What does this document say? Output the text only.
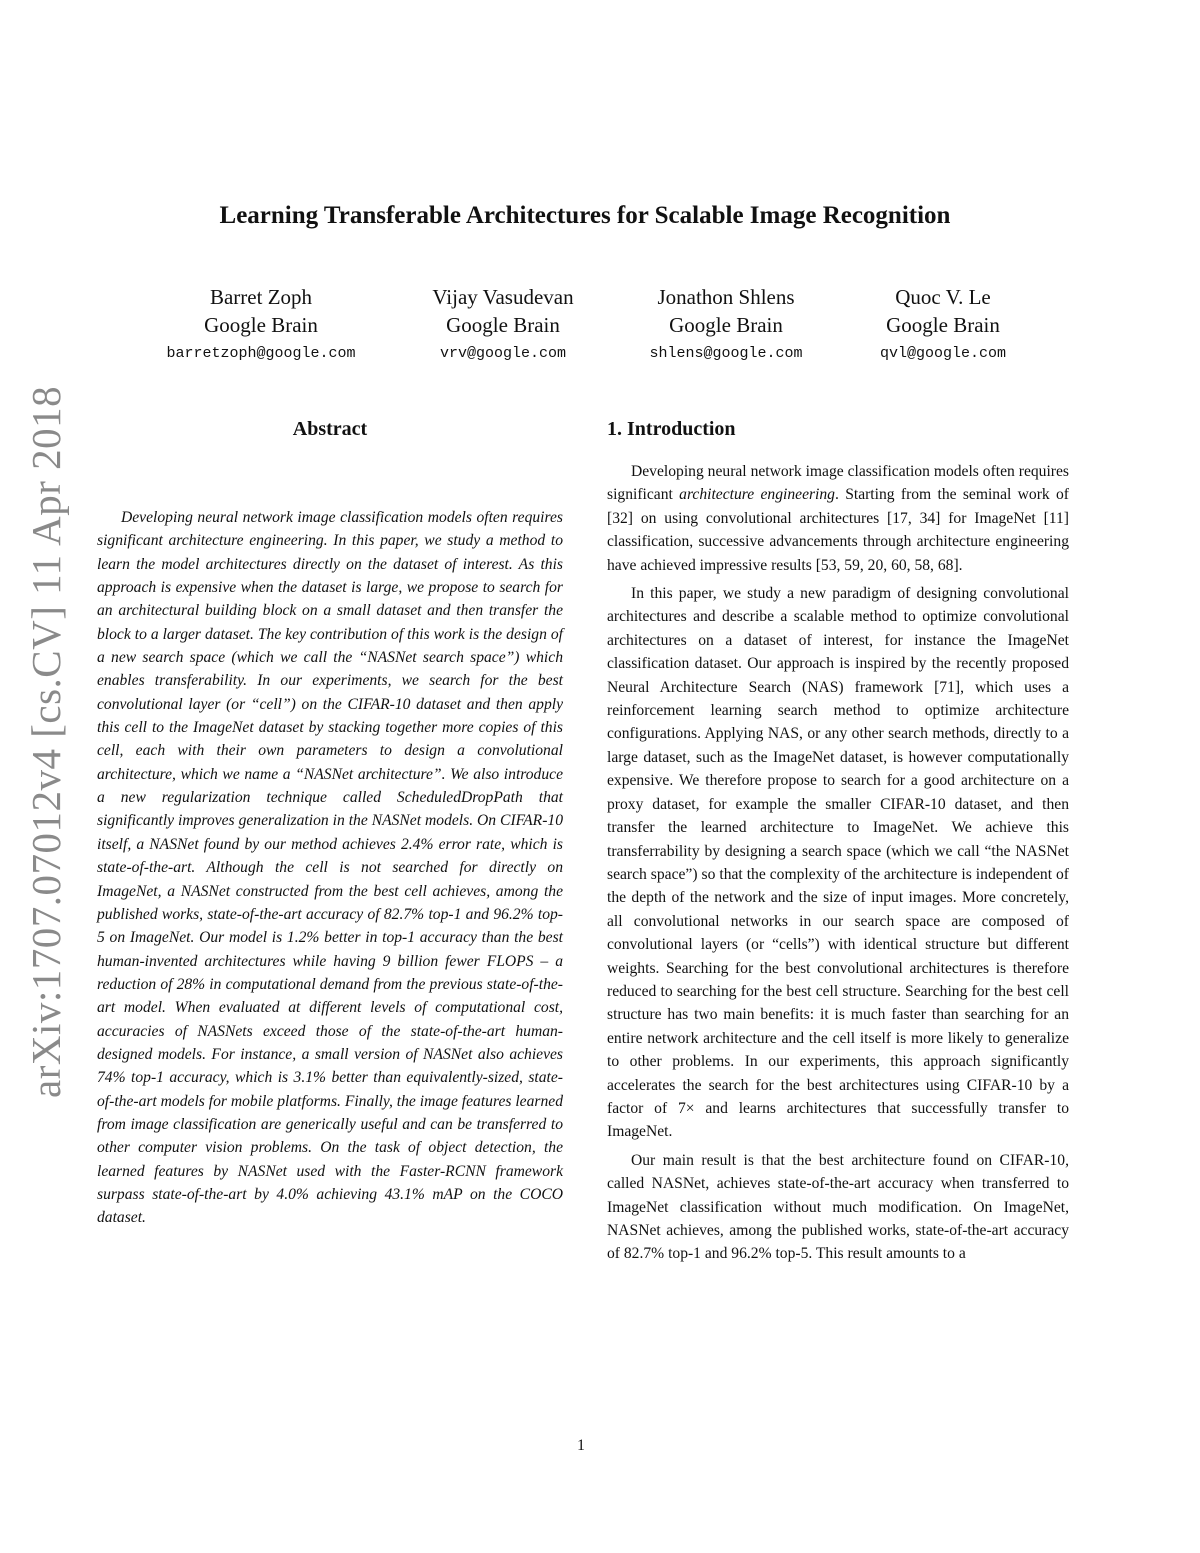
arXiv:1707.07012v4 [cs.CV] 11 Apr 2018
Learning Transferable Architectures for Scalable Image Recognition
Barret Zoph
Google Brain
barretzoph@google.com
Vijay Vasudevan
Google Brain
vrv@google.com
Jonathon Shlens
Google Brain
shlens@google.com
Quoc V. Le
Google Brain
qvl@google.com
Abstract

Developing neural network image classification models often requires significant architecture engineering. In this paper, we study a method to learn the model architectures directly on the dataset of interest. As this approach is expensive when the dataset is large, we propose to search for an architectural building block on a small dataset and then transfer the block to a larger dataset. The key contribution of this work is the design of a new search space (which we call the “NASNet search space”) which enables transferability. In our experiments, we search for the best convolutional layer (or “cell”) on the CIFAR-10 dataset and then apply this cell to the ImageNet dataset by stacking together more copies of this cell, each with their own parameters to design a convolutional architecture, which we name a “NASNet architecture”. We also introduce a new regularization technique called ScheduledDropPath that significantly improves generalization in the NASNet models. On CIFAR-10 itself, a NASNet found by our method achieves 2.4% error rate, which is state-of-the-art. Although the cell is not searched for directly on ImageNet, a NASNet constructed from the best cell achieves, among the published works, state-of-the-art accuracy of 82.7% top-1 and 96.2% top-5 on ImageNet. Our model is 1.2% better in top-1 accuracy than the best human-invented architectures while having 9 billion fewer FLOPS – a reduction of 28% in computational demand from the previous state-of-the-art model. When evaluated at different levels of computational cost, accuracies of NASNets exceed those of the state-of-the-art human-designed models. For instance, a small version of NASNet also achieves 74% top-1 accuracy, which is 3.1% better than equivalently-sized, state-of-the-art models for mobile platforms. Finally, the image features learned from image classification are generically useful and can be transferred to other computer vision problems. On the task of object detection, the learned features by NASNet used with the Faster-RCNN framework surpass state-of-the-art by 4.0% achieving 43.1% mAP on the COCO dataset.

1. Introduction

Developing neural network image classification models often requires significant architecture engineering. Starting from the seminal work of [32] on using convolutional architectures [17, 34] for ImageNet [11] classification, successive advancements through architecture engineering have achieved impressive results [53, 59, 20, 60, 58, 68].

In this paper, we study a new paradigm of designing convolutional architectures and describe a scalable method to optimize convolutional architectures on a dataset of interest, for instance the ImageNet classification dataset. Our approach is inspired by the recently proposed Neural Architecture Search (NAS) framework [71], which uses a reinforcement learning search method to optimize architecture configurations. Applying NAS, or any other search methods, directly to a large dataset, such as the ImageNet dataset, is however computationally expensive. We therefore propose to search for a good architecture on a proxy dataset, for example the smaller CIFAR-10 dataset, and then transfer the learned architecture to ImageNet. We achieve this transferrability by designing a search space (which we call “the NASNet search space”) so that the complexity of the architecture is independent of the depth of the network and the size of input images. More concretely, all convolutional networks in our search space are composed of convolutional layers (or “cells”) with identical structure but different weights. Searching for the best convolutional architectures is therefore reduced to searching for the best cell structure. Searching for the best cell structure has two main benefits: it is much faster than searching for an entire network architecture and the cell itself is more likely to generalize to other problems. In our experiments, this approach significantly accelerates the search for the best architectures using CIFAR-10 by a factor of 7× and learns architectures that successfully transfer to ImageNet.

Our main result is that the best architecture found on CIFAR-10, called NASNet, achieves state-of-the-art accuracy when transferred to ImageNet classification without much modification. On ImageNet, NASNet achieves, among the published works, state-of-the-art accuracy of 82.7% top-1 and 96.2% top-5. This result amounts to a

1
